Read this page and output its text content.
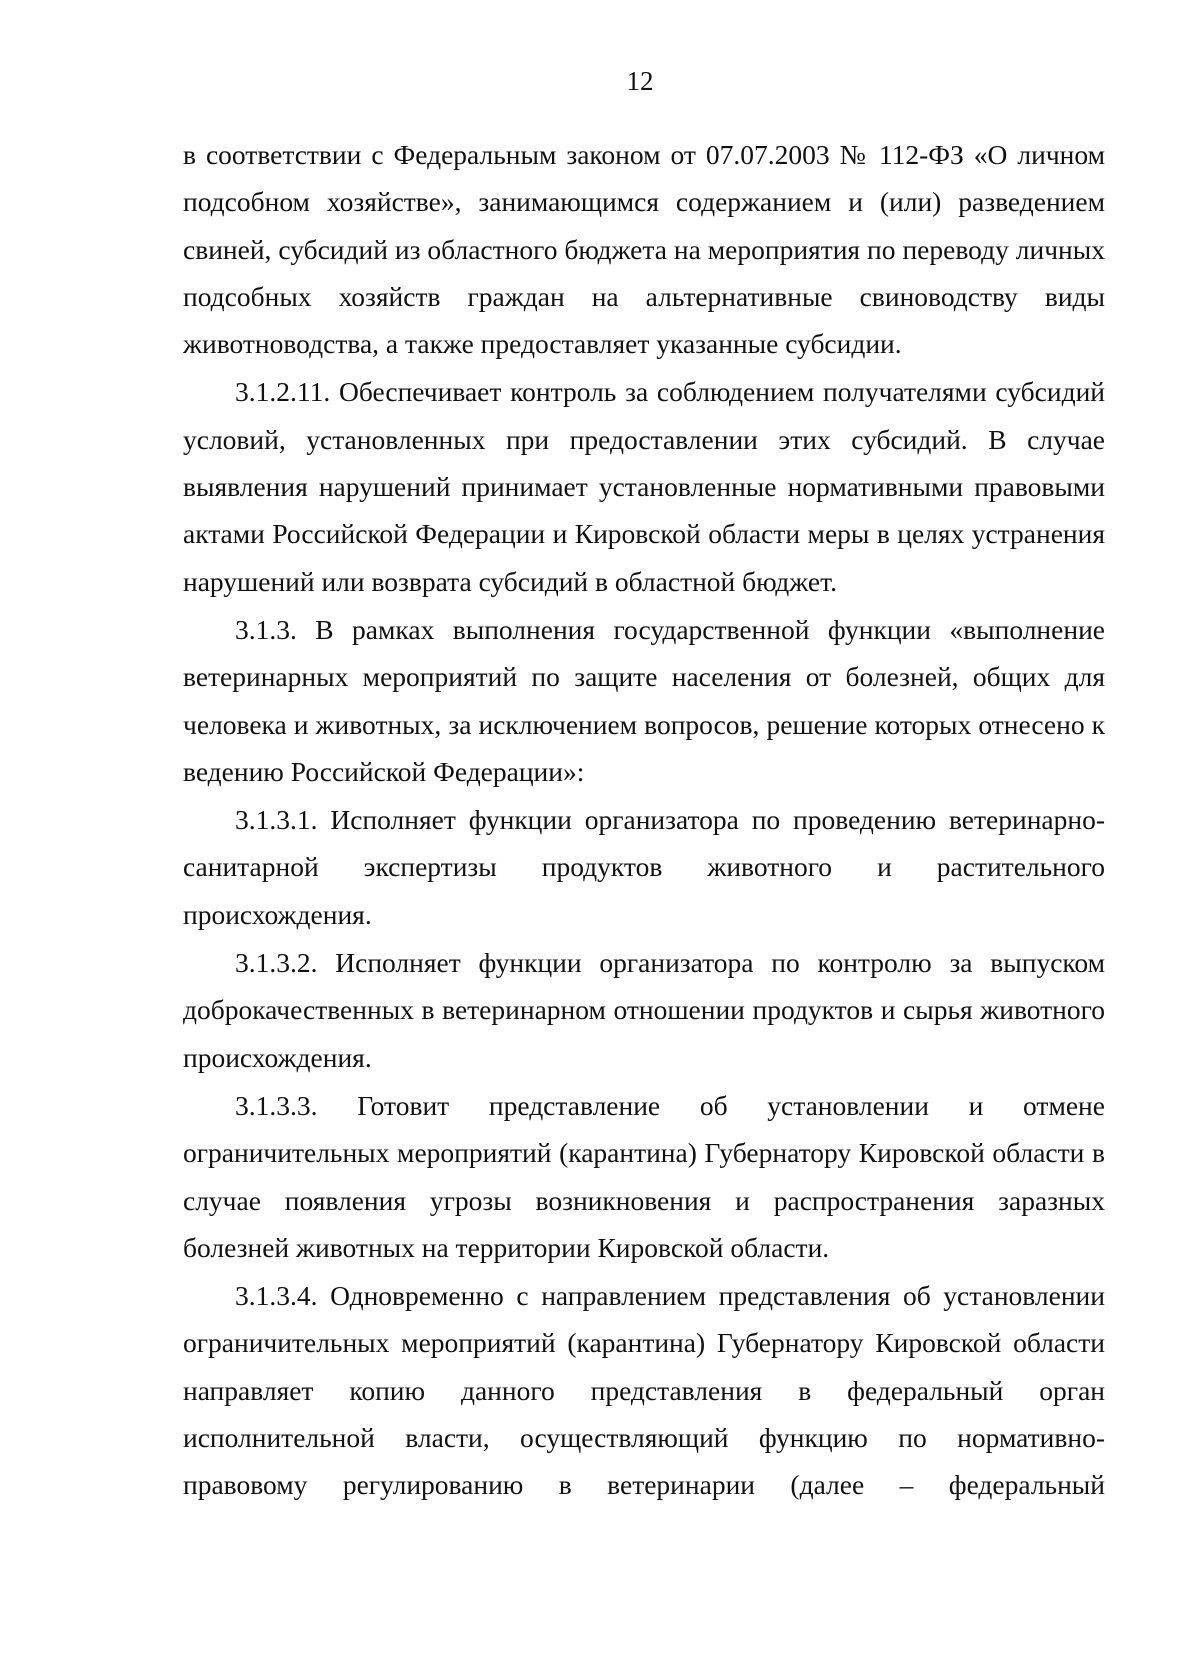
12

в соответствии с Федеральным законом от 07.07.2003 № 112-ФЗ «О личном подсобном хозяйстве», занимающимся содержанием и (или) разведением свиней, субсидий из областного бюджета на мероприятия по переводу личных подсобных хозяйств граждан на альтернативные свиноводству виды животноводства, а также предоставляет указанные субсидии.

3.1.2.11. Обеспечивает контроль за соблюдением получателями субсидий условий, установленных при предоставлении этих субсидий. В случае выявления нарушений принимает установленные нормативными правовыми актами Российской Федерации и Кировской области меры в целях устранения нарушений или возврата субсидий в областной бюджет.

3.1.3. В рамках выполнения государственной функции «выполнение ветеринарных мероприятий по защите населения от болезней, общих для человека и животных, за исключением вопросов, решение которых отнесено к ведению Российской Федерации»:

3.1.3.1. Исполняет функции организатора по проведению ветеринарно-санитарной экспертизы продуктов животного и растительного происхождения.

3.1.3.2. Исполняет функции организатора по контролю за выпуском доброкачественных в ветеринарном отношении продуктов и сырья животного происхождения.

3.1.3.3. Готовит представление об установлении и отмене ограничительных мероприятий (карантина) Губернатору Кировской области в случае появления угрозы возникновения и распространения заразных болезней животных на территории Кировской области.

3.1.3.4. Одновременно с направлением представления об установлении ограничительных мероприятий (карантина) Губернатору Кировской области направляет копию данного представления в федеральный орган исполнительной власти, осуществляющий функцию по нормативно-правовому регулированию в ветеринарии (далее – федеральный
